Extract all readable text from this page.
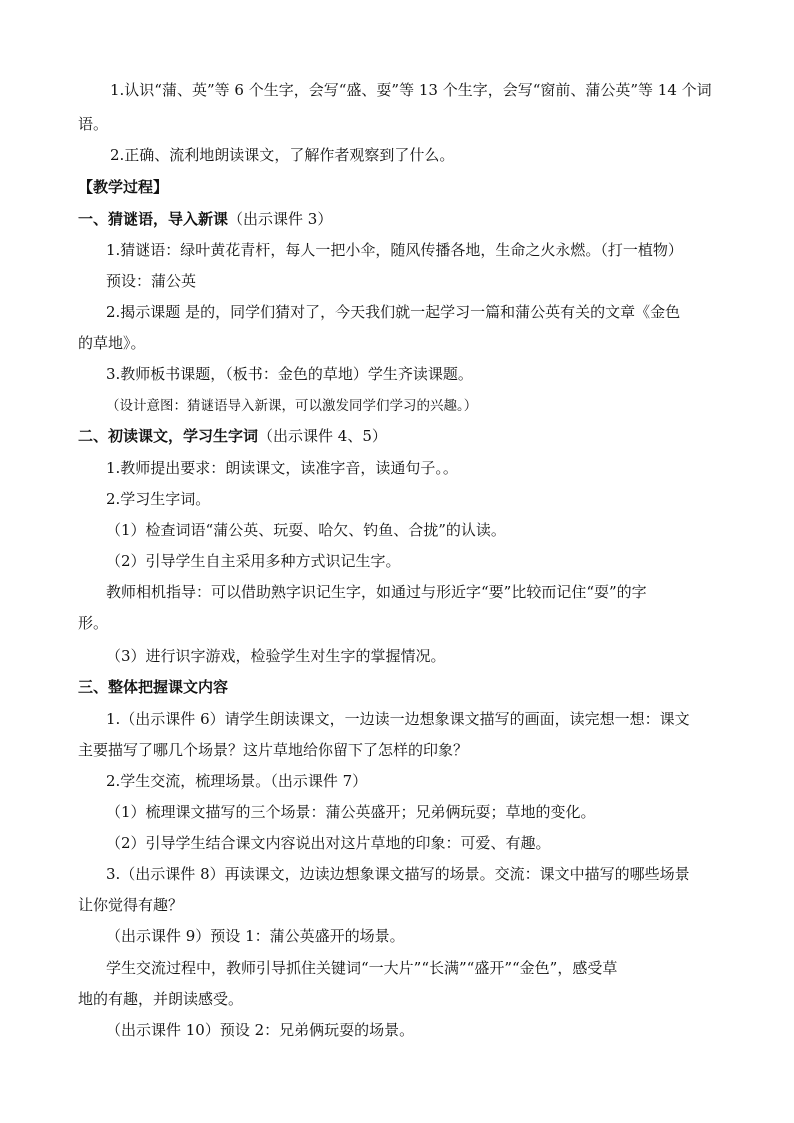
1.认识“蒲、英”等 6 个生字，会写“盛、耍”等 13 个生字，会写“窗前、蒲公英”等 14 个词
语。
2.正确、流利地朗读课文，了解作者观察到了什么。
【教学过程】
一、猜谜语，导入新课（出示课件 3）
1.猜谜语：绿叶黄花青杆，每人一把小伞，随风传播各地，生命之火永燃。（打一植物）
预设：蒲公英
2.揭示课题 是的，同学们猜对了，今天我们就一起学习一篇和蒲公英有关的文章《金色
的草地》。
3.教师板书课题，（板书：金色的草地）学生齐读课题。
（设计意图：猜谜语导入新课，可以激发同学们学习的兴趣。）
二、初读课文，学习生字词（出示课件 4、5）
1.教师提出要求：朗读课文，读准字音，读通句子。。
2.学习生字词。
（1）检查词语“蒲公英、玩耍、哈欠、钓鱼、合拢”的认读。
（2）引导学生自主采用多种方式识记生字。
教师相机指导：可以借助熟字识记生字，如通过与形近字“要”比较而记住“耍”的字
形。
（3）进行识字游戏，检验学生对生字的掌握情况。
三、整体把握课文内容
1.（出示课件 6）请学生朗读课文，一边读一边想象课文描写的画面，读完想一想：课文
主要描写了哪几个场景？这片草地给你留下了怎样的印象？
2.学生交流，梳理场景。（出示课件 7）
（1）梳理课文描写的三个场景：蒲公英盛开；兄弟俩玩耍；草地的变化。
（2）引导学生结合课文内容说出对这片草地的印象：可爱、有趣。
3.（出示课件 8）再读课文，边读边想象课文描写的场景。交流：课文中描写的哪些场景
让你觉得有趣？
（出示课件 9）预设 1：蒲公英盛开的场景。
学生交流过程中，教师引导抓住关键词“一大片”“长满”“盛开”“金色”，感受草
地的有趣，并朗读感受。
（出示课件 10）预设 2：兄弟俩玩耍的场景。
